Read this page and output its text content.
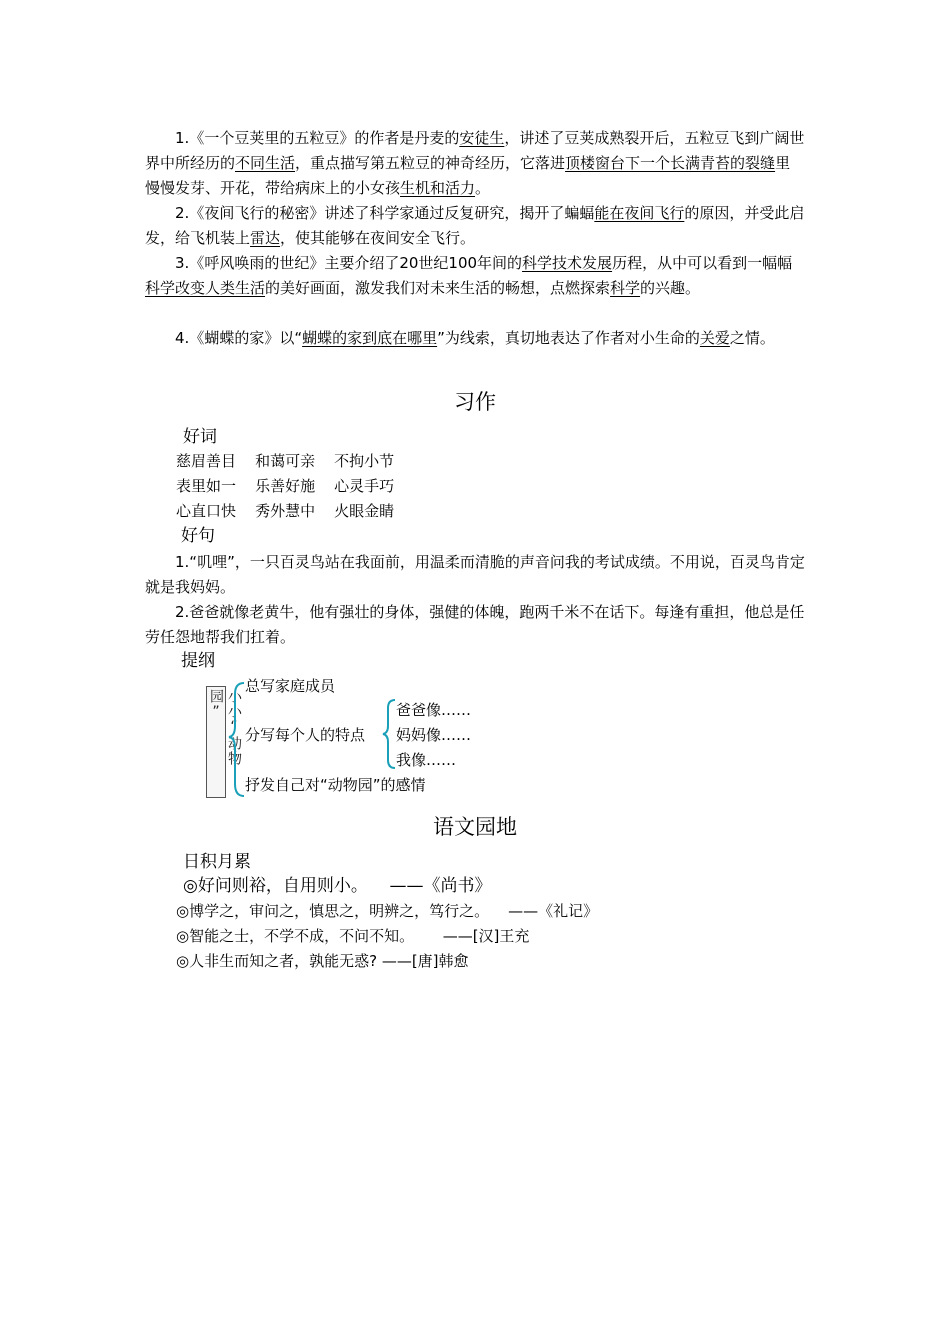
1.《一个豆荚里的五粒豆》的作者是丹麦的安徒生，讲述了豆荚成熟裂开后，五粒豆飞到广阔世界中所经历的不同生活，重点描写第五粒豆的神奇经历，它落进顶楼窗台下一个长满青苔的裂缝里慢慢发芽、开花，带给病床上的小女孩生机和活力。

2.《夜间飞行的秘密》讲述了科学家通过反复研究，揭开了蝙蝠能在夜间飞行的原因，并受此启发，给飞机装上雷达，使其能够在夜间安全飞行。

3.《呼风唤雨的世纪》主要介绍了20世纪100年间的科学技术发展历程，从中可以看到一幅幅科学改变人类生活的美好画面，激发我们对未来生活的畅想，点燃探索科学的兴趣。

4.《蝴蝶的家》以“蝴蝶的家到底在哪里”为线索，真切地表达了作者对小生命的关爱之情。

习作
好词
慈眉善目    和蔼可亲    不拘小节
表里如一    乐善好施    心灵手巧
心直口快    秀外慧中    火眼金睛
好句

1.“叽哩”，一只百灵鸟站在我面前，用温柔而清脆的声音问我的考试成绩。不用说，百灵鸟肯定就是我妈妈。

2.爸爸就像老黄牛，他有强壮的身体，强健的体魄，跑两千米不在话下。每逢有重担，他总是任劳任怨地帮我们扛着。

提纲
小小“动物园”
总写家庭成员
分写每个人的特点
抒发自己对“动物园”的感情
爸爸像……
妈妈像……
我像……
语文园地
日积月累
◎好问则裕，自用则小。    ——《尚书》
◎博学之，审问之，慎思之，明辨之，笃行之。    ——《礼记》
◎智能之士，不学不成，不问不知。      ——[汉]王充
◎人非生而知之者，孰能无惑? ——[唐]韩愈
